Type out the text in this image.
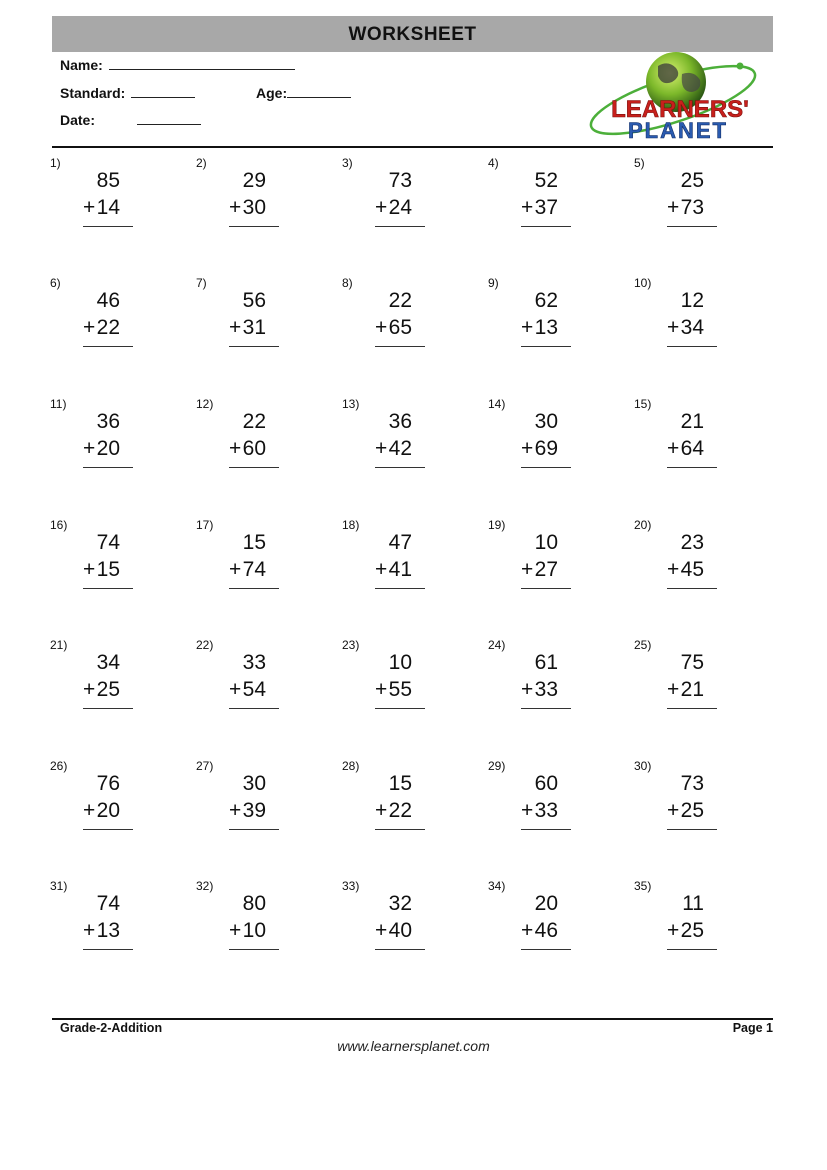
WORKSHEET
Name:
Standard:	Age:
Date:	LEARNERS'
PLANET
1)
85
+ 14
2)
29
+ 30
3)
73
+ 24
4)
52
+ 37
5)
25
+ 73
6)
46
+ 22
7)
56
+ 31
8)
22
+ 65
9)
62
+ 13
10)
12
+ 34
11)
36
+ 20
12)
22
+ 60
13)
36
+ 42
14)
30
+ 69
15)
21
+ 64
16)
74
+ 15
17)
15
+ 74
18)
47
+ 41
19)
10
+ 27
20)
23
+ 45
21)
34
+ 25
22)
33
+ 54
23)
10
+ 55
24)
61
+ 33
25)
75
+ 21
26)
76
+ 20
27)
30
+ 39
28)
15
+ 22
29)
60
+ 33
30)
73
+ 25
31)
74
+ 13
32)
80
+ 10
33)
32
+ 40
34)
20
+ 46
35)
11
+ 25
Grade-2-Addition	Page 1
www.learnersplanet.com
